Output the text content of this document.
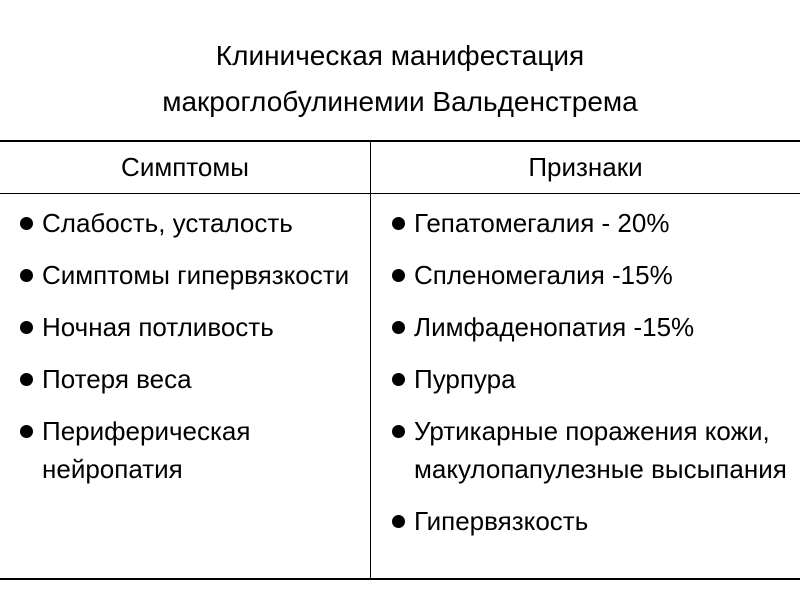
Клиническая манифестация
макроглобулинемии Вальденстрема
Симптомы	Признаки
Слабость, усталость
Симптомы гипервязкости
Ночная потливость
Потеря веса
Периферическая нейропатия
Гепатомегалия - 20%
Спленомегалия -15%
Лимфаденопатия -15%
Пурпура
Уртикарные поражения кожи, макулопапулезные высыпания
Гипервязкость
